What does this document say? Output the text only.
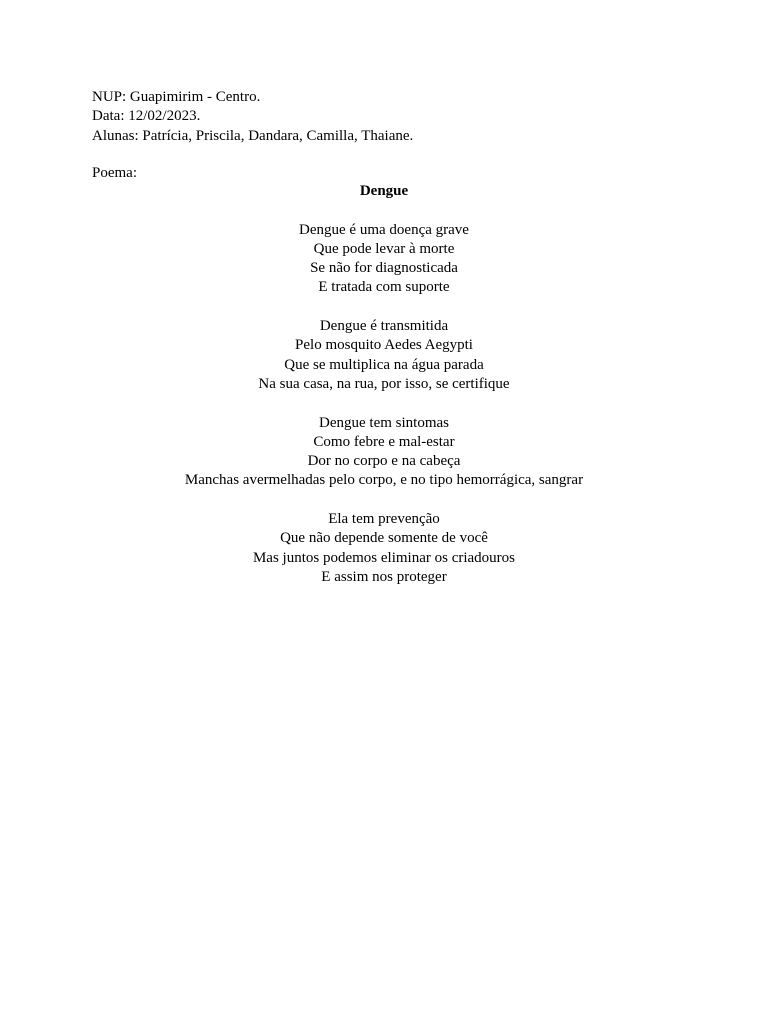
NUP: Guapimirim - Centro.
Data: 12/02/2023.
Alunas: Patrícia, Priscila, Dandara, Camilla, Thaiane.
Poema:
Dengue
Dengue é uma doença grave
Que pode levar à morte
Se não for diagnosticada
E tratada com suporte
Dengue é transmitida
Pelo mosquito Aedes Aegypti
Que se multiplica na água parada
Na sua casa, na rua, por isso, se certifique
Dengue tem sintomas
Como febre e mal-estar
Dor no corpo e na cabeça
Manchas avermelhadas pelo corpo, e no tipo hemorrágica, sangrar
Ela tem prevenção
Que não depende somente de você
Mas juntos podemos eliminar os criadouros
E assim nos proteger
